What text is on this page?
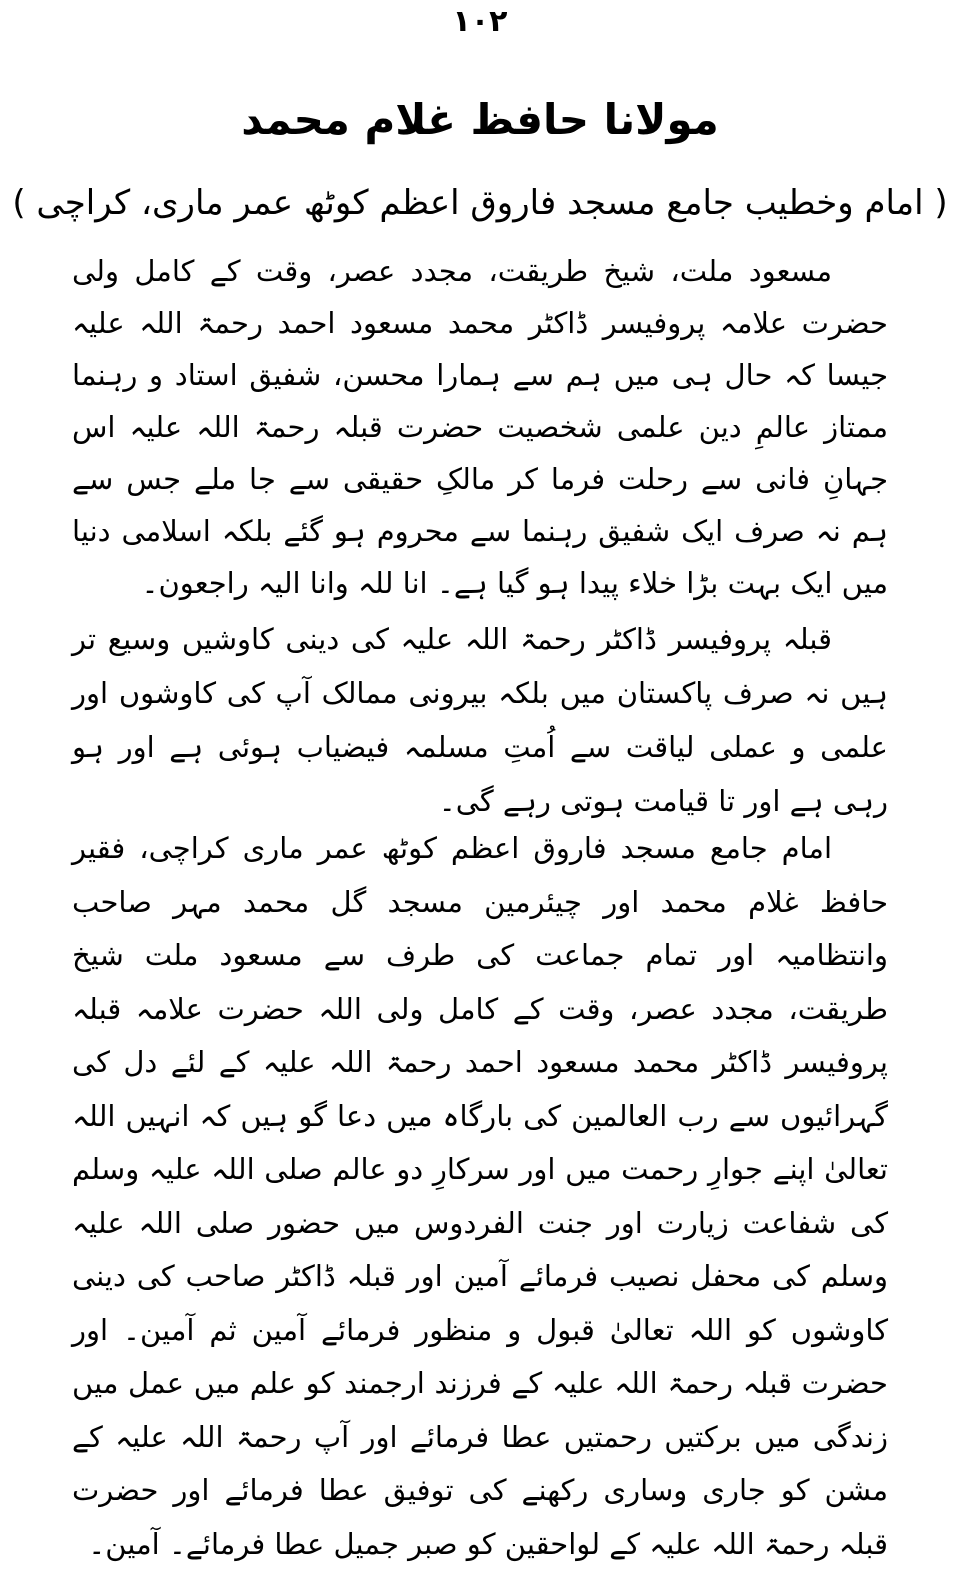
۱۰۲
مولانا حافظ غلام محمد
( امام وخطیب جامع مسجد فاروق اعظم کوٹھ عمر ماری، کراچی )

مسعود ملت، شیخ طریقت، مجدد عصر، وقت کے کامل ولی حضرت علامہ پروفیسر ڈاکٹر محمد مسعود احمد رحمۃ اللہ علیہ جیسا کہ حال ہی میں ہم سے ہمارا محسن، شفیق استاد و رہنما ممتاز عالمِ دین علمی شخصیت حضرت قبلہ رحمۃ اللہ علیہ اس جہانِ فانی سے رحلت فرما کر مالکِ حقیقی سے جا ملے جس سے ہم نہ صرف ایک شفیق رہنما سے محروم ہو گئے بلکہ اسلامی دنیا میں ایک بہت بڑا خلاء پیدا ہو گیا ہے۔ انا للہ وانا الیہ راجعون۔

قبلہ پروفیسر ڈاکٹر رحمۃ اللہ علیہ کی دینی کاوشیں وسیع تر ہیں نہ صرف پاکستان میں بلکہ بیرونی ممالک آپ کی کاوشوں اور علمی و عملی لیاقت سے اُمتِ مسلمہ فیضیاب ہوئی ہے اور ہو رہی ہے اور تا قیامت ہوتی رہے گی۔

امام جامع مسجد فاروق اعظم کوٹھ عمر ماری کراچی، فقیر حافظ غلام محمد اور چیئرمین مسجد گل محمد مہر صاحب وانتظامیہ اور تمام جماعت کی طرف سے مسعود ملت شیخ طریقت، مجدد عصر، وقت کے کامل ولی اللہ حضرت علامہ قبلہ پروفیسر ڈاکٹر محمد مسعود احمد رحمۃ اللہ علیہ کے لئے دل کی گہرائیوں سے رب العالمین کی بارگاہ میں دعا گو ہیں کہ انہیں اللہ تعالیٰ اپنے جوارِ رحمت میں اور سرکارِ دو عالم صلی اللہ علیہ وسلم کی شفاعت زیارت اور جنت الفردوس میں حضور صلی اللہ علیہ وسلم کی محفل نصیب فرمائے آمین اور قبلہ ڈاکٹر صاحب کی دینی کاوشوں کو اللہ تعالیٰ قبول و منظور فرمائے آمین ثم آمین۔ اور حضرت قبلہ رحمۃ اللہ علیہ کے فرزند ارجمند کو علم میں عمل میں زندگی میں برکتیں رحمتیں عطا فرمائے اور آپ رحمۃ اللہ علیہ کے مشن کو جاری وساری رکھنے کی توفیق عطا فرمائے اور حضرت قبلہ رحمۃ اللہ علیہ کے لواحقین کو صبر جمیل عطا فرمائے۔ آمین۔
